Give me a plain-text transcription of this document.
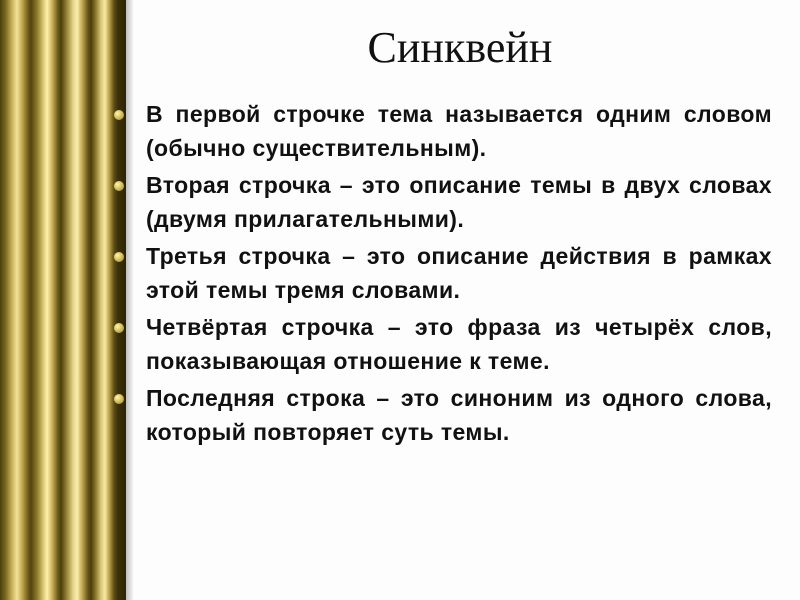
Синквейн
В первой строчке тема называется одним словом (обычно существительным).
Вторая строчка – это описание темы в двух словах (двумя прилагательными).
Третья строчка – это описание действия в рамках этой темы тремя словами.
Четвёртая строчка – это фраза из четырёх слов, показывающая отношение к теме.
Последняя строка – это синоним из одного слова, который повторяет суть темы.
